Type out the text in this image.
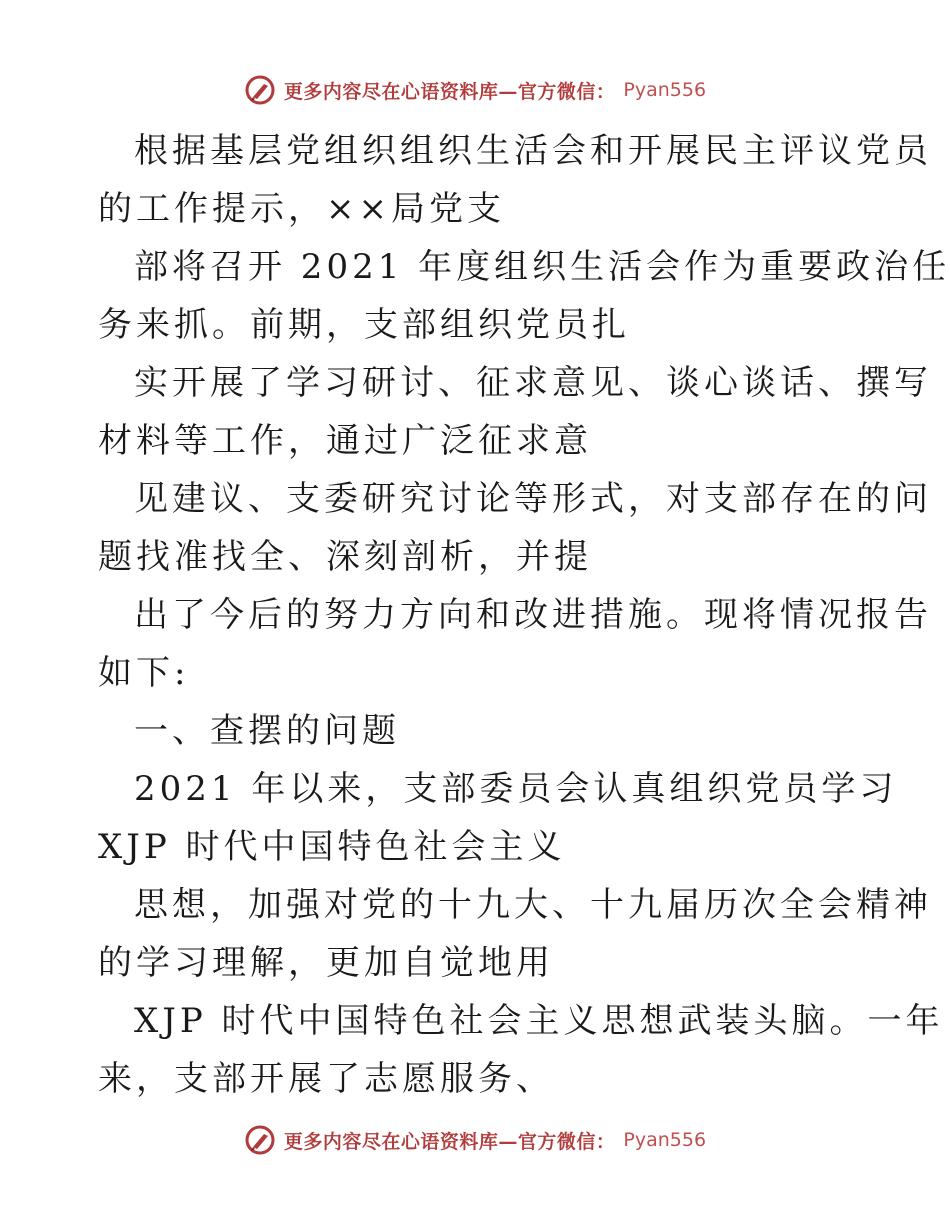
更多内容尽在心语资料库—官方微信： Pyan556

根据基层党组织组织生活会和开展民主评议党员

的工作提示，××局党支

部将召开 2021 年度组织生活会作为重要政治任

务来抓。前期，支部组织党员扎

实开展了学习研讨、征求意见、谈心谈话、撰写

材料等工作，通过广泛征求意

见建议、支委研究讨论等形式，对支部存在的问

题找准找全、深刻剖析，并提

出了今后的努力方向和改进措施。现将情况报告

如下:

一、查摆的问题

2021 年以来，支部委员会认真组织党员学习

XJP 时代中国特色社会主义

思想，加强对党的十九大、十九届历次全会精神

的学习理解，更加自觉地用

XJP 时代中国特色社会主义思想武装头脑。一年

来，支部开展了志愿服务、

更多内容尽在心语资料库—官方微信： Pyan556
